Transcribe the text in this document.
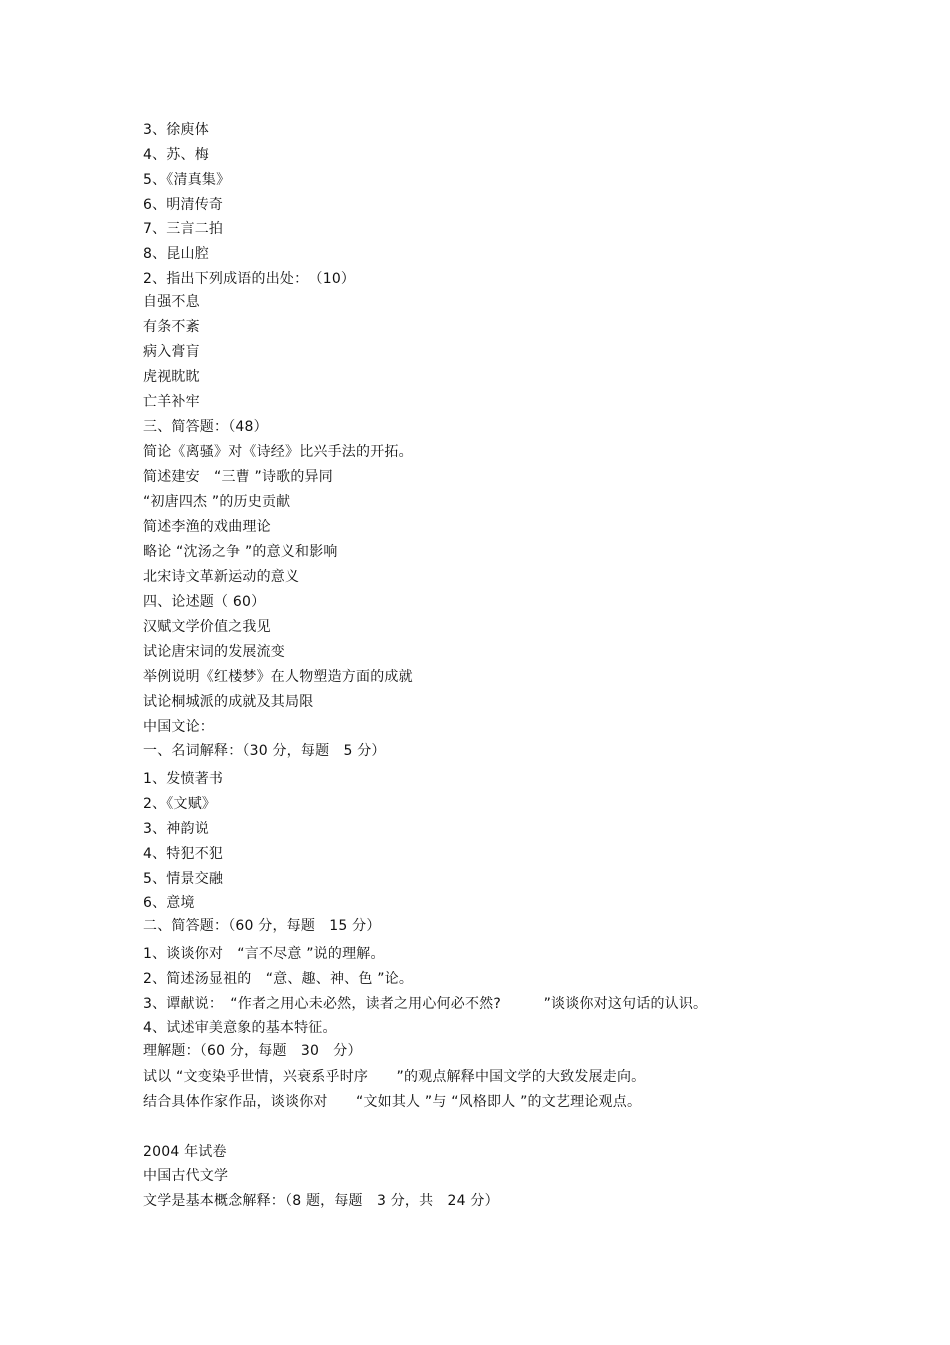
3、徐庾体
4、苏、梅
5、《清真集》
6、明清传奇
7、三言二拍
8、昆山腔
2、指出下列成语的出处：　（10）
自强不息
有条不紊
病入膏肓
虎视眈眈
亡羊补牢
三、简答题：（48）
简论《离骚》对《诗经》比兴手法的开拓。
简述建安　“三曹 ”诗歌的异同
“初唐四杰 ”的历史贡献
简述李渔的戏曲理论
略论 “沈汤之争 ”的意义和影响
北宋诗文革新运动的意义
四、论述题（ 60）
汉赋文学价值之我见
试论唐宋词的发展流变
举例说明《红楼梦》在人物塑造方面的成就
试论桐城派的成就及其局限
中国文论：
一、名词解释：（30 分，每题　5 分）
1、发愤著书
2、《文赋》
3、神韵说
4、特犯不犯
5、情景交融
6、意境
二、简答题：（60 分，每题　15 分）
1、谈谈你对　“言不尽意 ”说的理解。
2、简述汤显祖的　“意、趣、神、色 ”论。
3、谭献说：　“作者之用心未必然，读者之用心何必不然?　　　”谈谈你对这句话的认识。
4、试述审美意象的基本特征。
理解题：（60 分，每题　30　分）
试以 “文变染乎世情，兴衰系乎时序　　”的观点解释中国文学的大致发展走向。
结合具体作家作品，谈谈你对　　“文如其人 ”与 “风格即人 ”的文艺理论观点。
2004 年试卷
中国古代文学
文学是基本概念解释：（8 题，每题　3 分，共　24 分）
